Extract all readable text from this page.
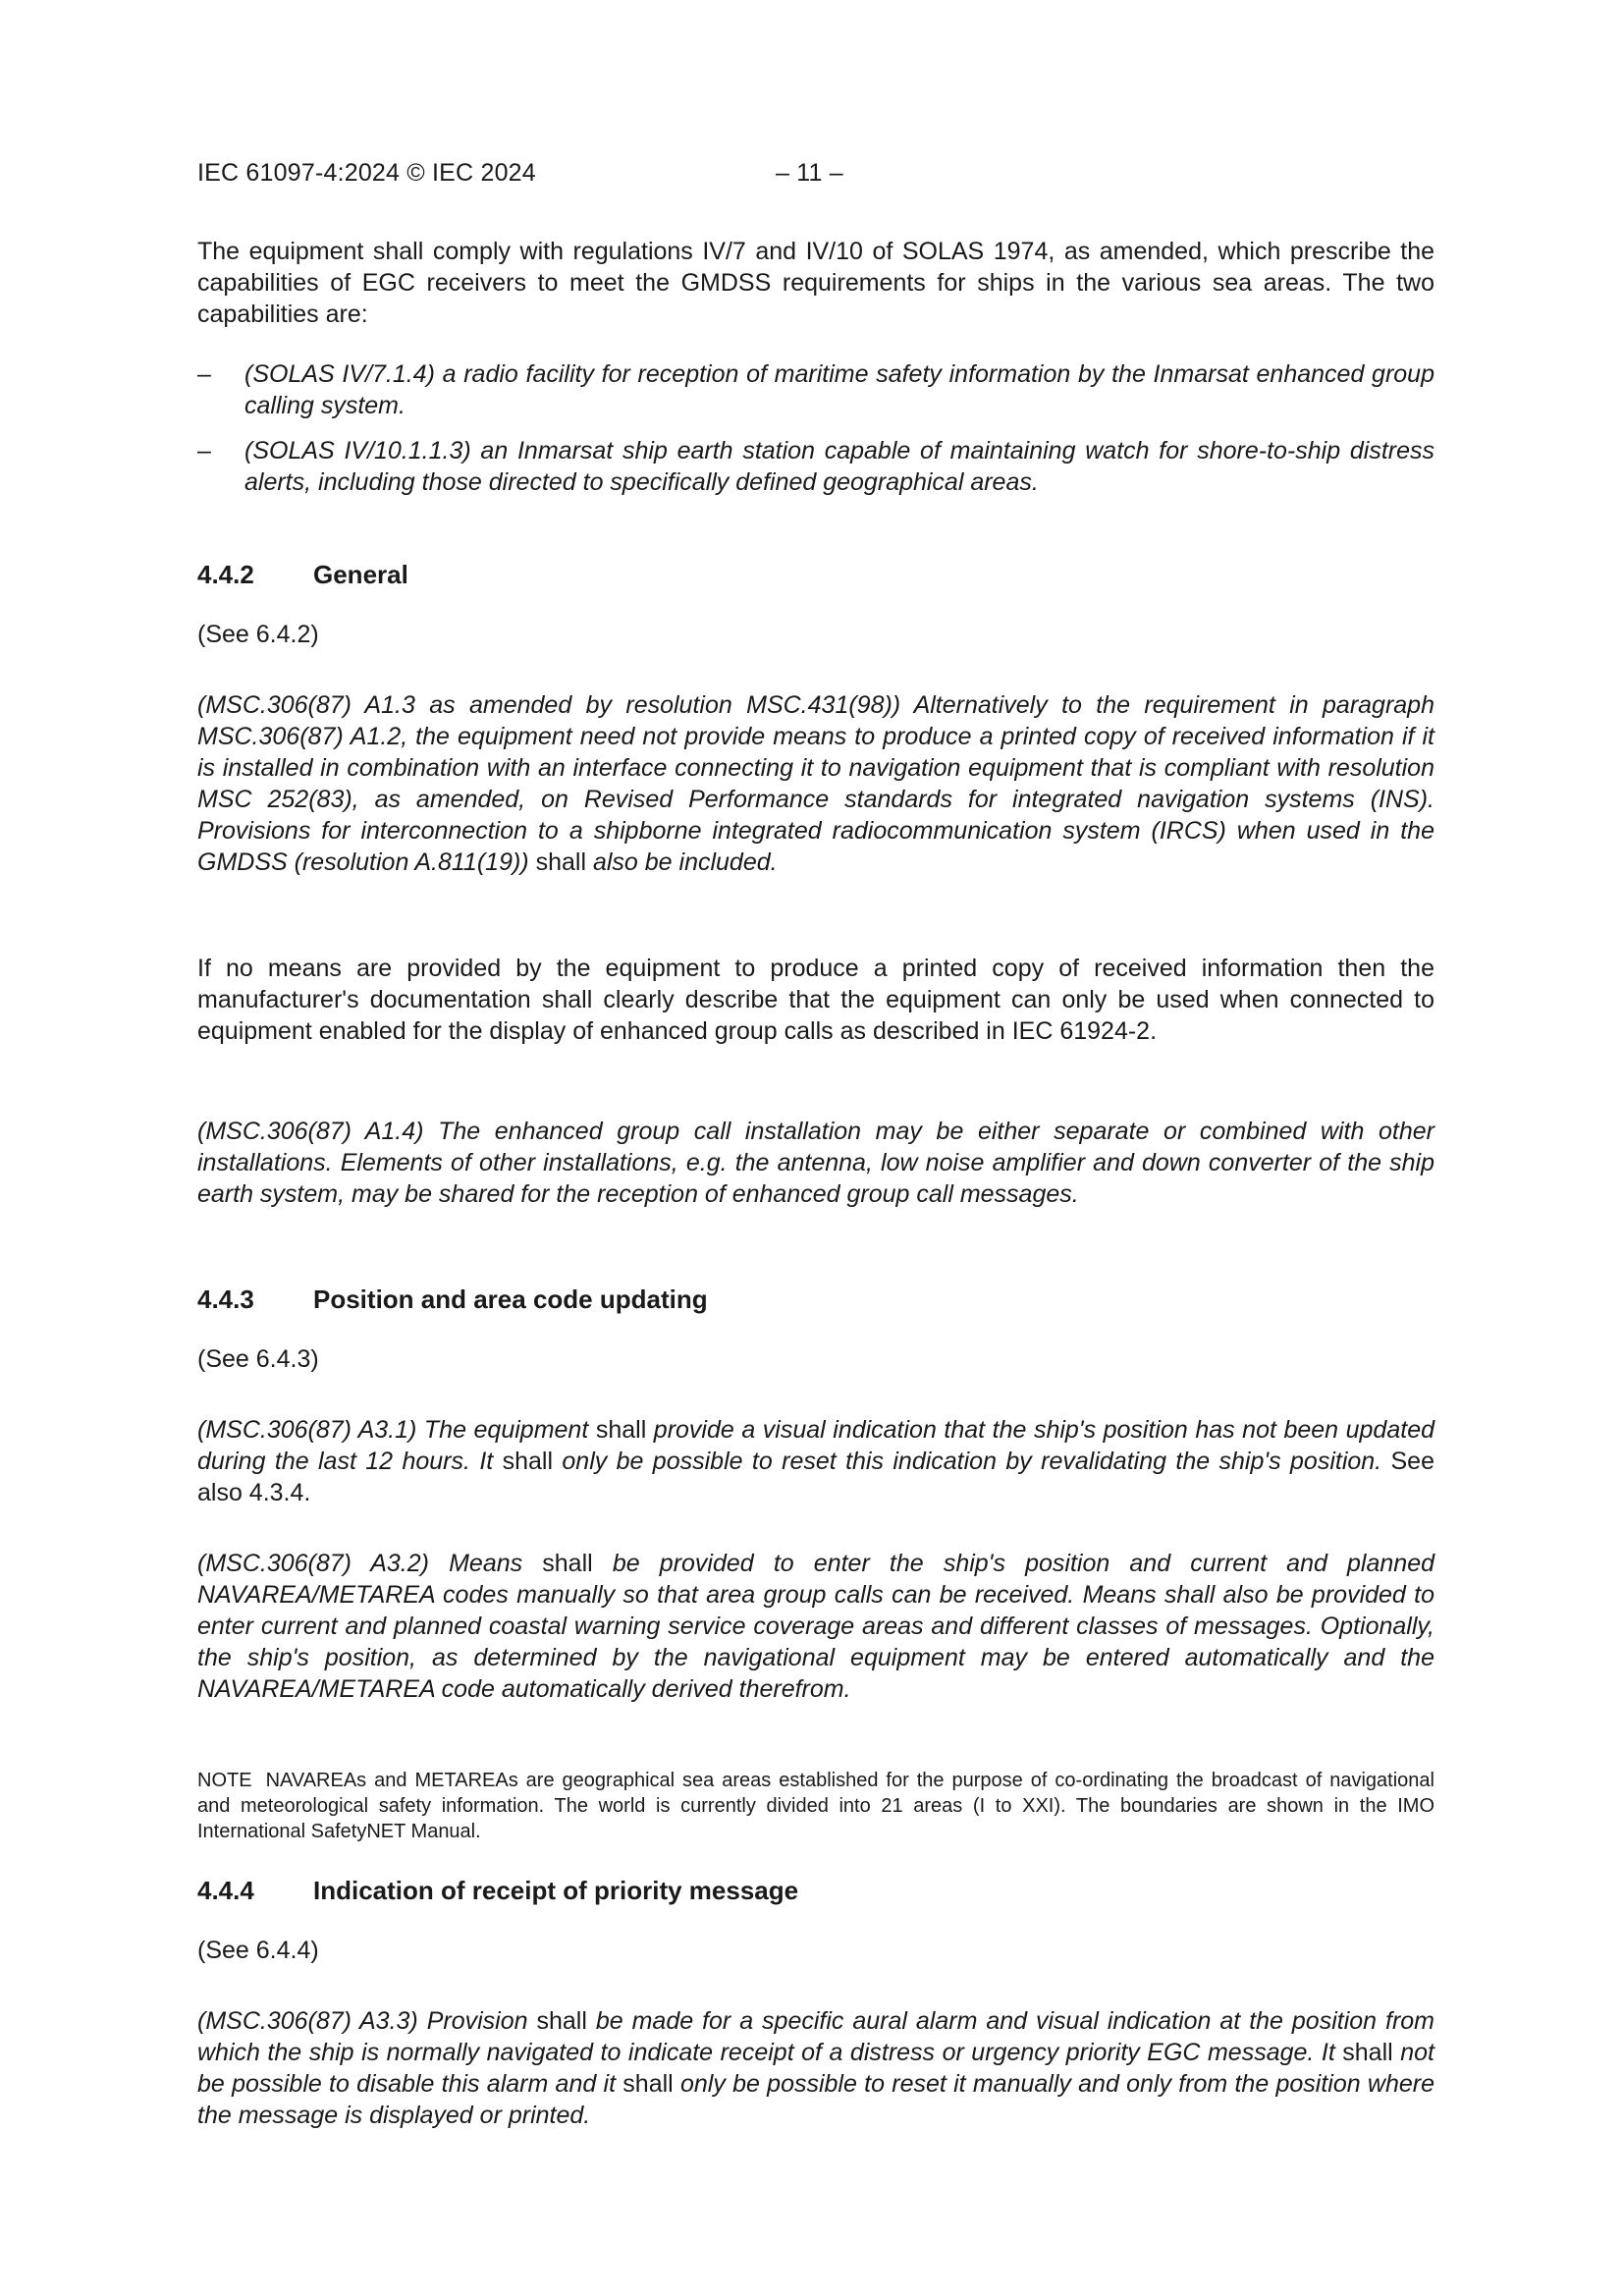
IEC 61097-4:2024 © IEC 2024	– 11 –
The equipment shall comply with regulations IV/7 and IV/10 of SOLAS 1974, as amended, which prescribe the capabilities of EGC receivers to meet the GMDSS requirements for ships in the various sea areas. The two capabilities are:
–	(SOLAS IV/7.1.4) a radio facility for reception of maritime safety information by the Inmarsat enhanced group calling system.
–	(SOLAS IV/10.1.1.3) an Inmarsat ship earth station capable of maintaining watch for shore-to-ship distress alerts, including those directed to specifically defined geographical areas.
4.4.2 General
(See 6.4.2)
(MSC.306(87) A1.3 as amended by resolution MSC.431(98)) Alternatively to the requirement in paragraph MSC.306(87) A1.2, the equipment need not provide means to produce a printed copy of received information if it is installed in combination with an interface connecting it to navigation equipment that is compliant with resolution MSC 252(83), as amended, on Revised Performance standards for integrated navigation systems (INS). Provisions for interconnection to a shipborne integrated radiocommunication system (IRCS) when used in the GMDSS (resolution A.811(19)) shall also be included.
If no means are provided by the equipment to produce a printed copy of received information then the manufacturer's documentation shall clearly describe that the equipment can only be used when connected to equipment enabled for the display of enhanced group calls as described in IEC 61924-2.
(MSC.306(87) A1.4) The enhanced group call installation may be either separate or combined with other installations. Elements of other installations, e.g. the antenna, low noise amplifier and down converter of the ship earth system, may be shared for the reception of enhanced group call messages.
4.4.3 Position and area code updating
(See 6.4.3)
(MSC.306(87) A3.1) The equipment shall provide a visual indication that the ship's position has not been updated during the last 12 hours. It shall only be possible to reset this indication by revalidating the ship's position. See also 4.3.4.
(MSC.306(87) A3.2) Means shall be provided to enter the ship's position and current and planned NAVAREA/METAREA codes manually so that area group calls can be received. Means shall also be provided to enter current and planned coastal warning service coverage areas and different classes of messages. Optionally, the ship's position, as determined by the navigational equipment may be entered automatically and the NAVAREA/METAREA code automatically derived therefrom.
NOTE NAVAREAs and METAREAs are geographical sea areas established for the purpose of co-ordinating the broadcast of navigational and meteorological safety information. The world is currently divided into 21 areas (I to XXI). The boundaries are shown in the IMO International SafetyNET Manual.
4.4.4 Indication of receipt of priority message
(See 6.4.4)
(MSC.306(87) A3.3) Provision shall be made for a specific aural alarm and visual indication at the position from which the ship is normally navigated to indicate receipt of a distress or urgency priority EGC message. It shall not be possible to disable this alarm and it shall only be possible to reset it manually and only from the position where the message is displayed or printed.
